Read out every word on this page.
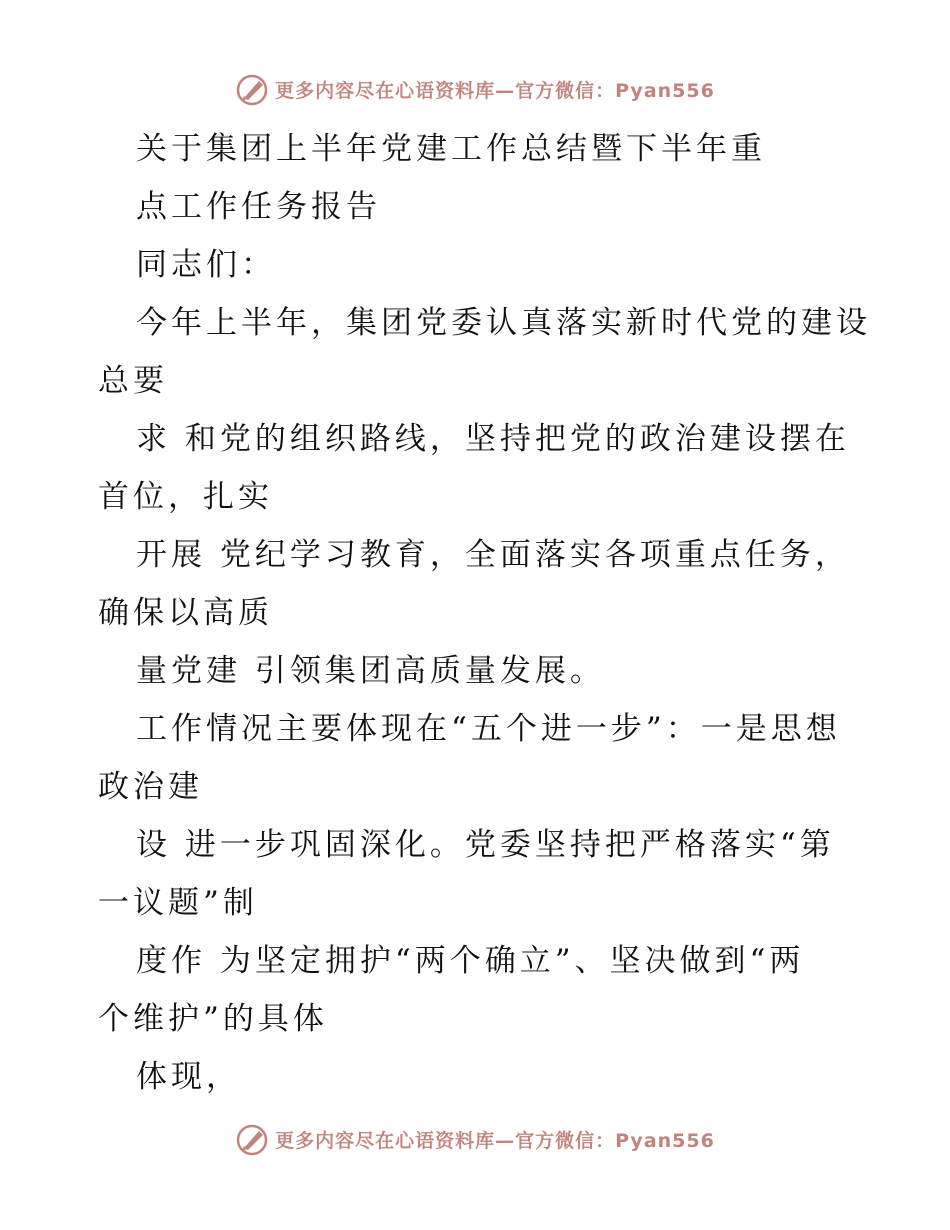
更多内容尽在心语资料库—官方微信：Pyan556

关于集团上半年党建工作总结暨下半年重

点工作任务报告

同志们：

今年上半年，集团党委认真落实新时代党的建设

总要

求 和党的组织路线，坚持把党的政治建设摆在

首位，扎实

开展 党纪学习教育，全面落实各项重点任务，

确保以高质

量党建 引领集团高质量发展。

工作情况主要体现在“五个进一步”：一是思想

政治建

设 进一步巩固深化。党委坚持把严格落实“第

一议题”制

度作 为坚定拥护“两个确立”、坚决做到“两

个维护”的具体

体现，

更多内容尽在心语资料库—官方微信：Pyan556
